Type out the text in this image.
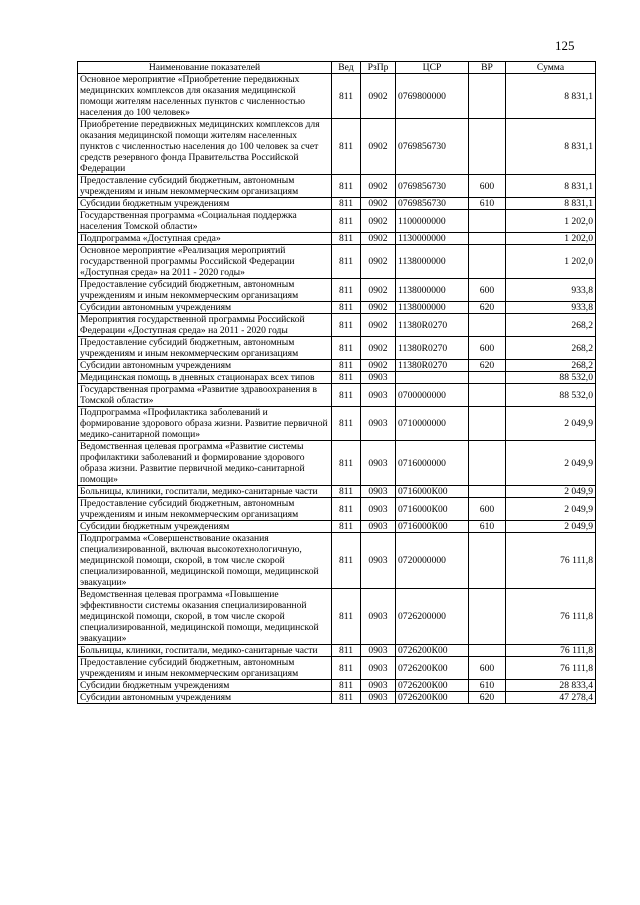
125
Наименование показателей	Вед	РзПр	ЦСР	ВР	Сумма
Основное мероприятие «Приобретение передвижных медицинских комплексов для оказания медицинской помощи жителям населенных пунктов с численностью населения до 100 человек»	811	0902	0769800000		8 831,1
Приобретение передвижных медицинских комплексов для оказания медицинской помощи жителям населенных пунктов с численностью населения до 100 человек за счет средств резервного фонда Правительства Российской Федерации	811	0902	0769856730		8 831,1
Предоставление субсидий бюджетным, автономным учреждениям и иным некоммерческим организациям	811	0902	0769856730	600	8 831,1
Субсидии бюджетным учреждениям	811	0902	0769856730	610	8 831,1
Государственная программа «Социальная поддержка населения Томской области»	811	0902	1100000000		1 202,0
Подпрограмма «Доступная среда»	811	0902	1130000000		1 202,0
Основное мероприятие «Реализация мероприятий государственной программы Российской Федерации «Доступная среда» на 2011 - 2020 годы»	811	0902	1138000000		1 202,0
Предоставление субсидий бюджетным, автономным учреждениям и иным некоммерческим организациям	811	0902	1138000000	600	933,8
Субсидии автономным учреждениям	811	0902	1138000000	620	933,8
Мероприятия государственной программы Российской Федерации «Доступная среда» на 2011 - 2020 годы	811	0902	11380R0270		268,2
Предоставление субсидий бюджетным, автономным учреждениям и иным некоммерческим организациям	811	0902	11380R0270	600	268,2
Субсидии автономным учреждениям	811	0902	11380R0270	620	268,2
Медицинская помощь в дневных стационарах всех типов	811	0903			88 532,0
Государственная программа «Развитие здравоохранения в Томской области»	811	0903	0700000000		88 532,0
Подпрограмма «Профилактика заболеваний и формирование здорового образа жизни. Развитие первичной медико-санитарной помощи»	811	0903	0710000000		2 049,9
Ведомственная целевая программа «Развитие системы профилактики заболеваний и формирование здорового образа жизни. Развитие первичной медико-санитарной помощи»	811	0903	0716000000		2 049,9
Больницы, клиники, госпитали, медико-санитарные части	811	0903	0716000К00		2 049,9
Предоставление субсидий бюджетным, автономным учреждениям и иным некоммерческим организациям	811	0903	0716000К00	600	2 049,9
Субсидии бюджетным учреждениям	811	0903	0716000К00	610	2 049,9
Подпрограмма «Совершенствование оказания специализированной, включая высокотехнологичную, медицинской помощи, скорой, в том числе скорой специализированной, медицинской помощи, медицинской эвакуации»	811	0903	0720000000		76 111,8
Ведомственная целевая программа «Повышение эффективности системы оказания специализированной медицинской помощи, скорой, в том числе скорой специализированной, медицинской помощи, медицинской эвакуации»	811	0903	0726200000		76 111,8
Больницы, клиники, госпитали, медико-санитарные части	811	0903	0726200К00		76 111,8
Предоставление субсидий бюджетным, автономным учреждениям и иным некоммерческим организациям	811	0903	0726200К00	600	76 111,8
Субсидии бюджетным учреждениям	811	0903	0726200К00	610	28 833,4
Субсидии автономным учреждениям	811	0903	0726200К00	620	47 278,4
